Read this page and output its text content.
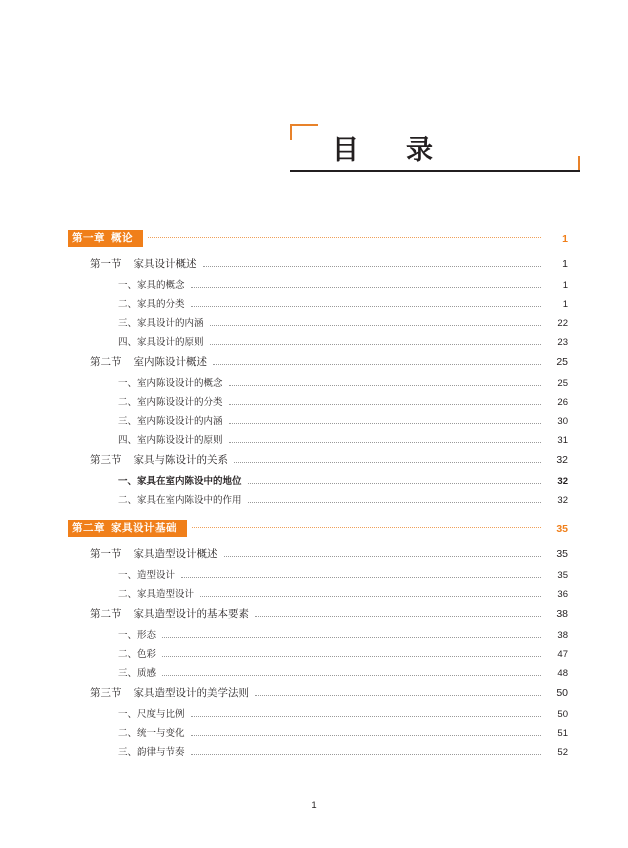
目　录
第一章 概论	1
第一节 家具设计概述	1
一、家具的概念	1
二、家具的分类	1
三、家具设计的内涵	22
四、家具设计的原则	23
第二节 室内陈设计概述	25
一、室内陈设设计的概念	25
二、室内陈设设计的分类	26
三、室内陈设设计的内涵	30
四、室内陈设设计的原则	31
第三节 家具与陈设计的关系	32
一、家具在室内陈设中的地位	32
二、家具在室内陈设中的作用	32
第二章 家具设计基础	35
第一节 家具造型设计概述	35
一、造型设计	35
二、家具造型设计	36
第二节 家具造型设计的基本要素	38
一、形态	38
二、色彩	47
三、质感	48
第三节 家具造型设计的美学法则	50
一、尺度与比例	50
二、统一与变化	51
三、韵律与节奏	52
1
